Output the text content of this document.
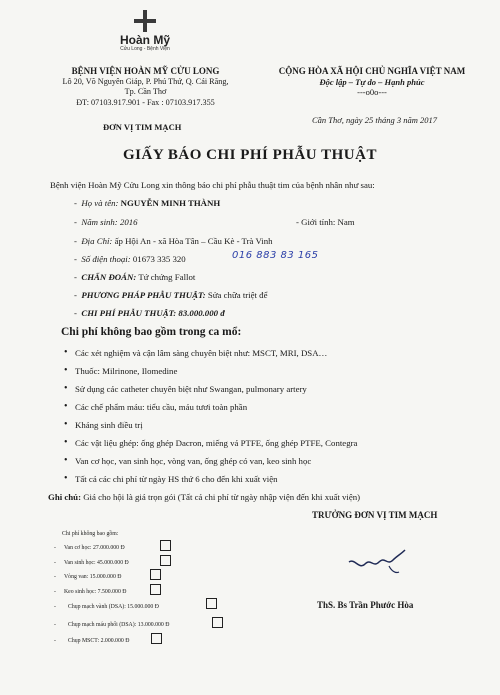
Hoàn Mỹ
Cửu Long - Bệnh Viện
BỆNH VIỆN HOÀN MỸ CỬU LONG
Lô 20, Võ Nguyên Giáp, P. Phú Thứ, Q. Cái Răng,
Tp. Cần Thơ
ĐT: 07103.917.901 - Fax : 07103.917.355
ĐƠN VỊ TIM MẠCH
CỘNG HÒA XÃ HỘI CHỦ NGHĨA VIỆT NAM
Độc lập – Tự do – Hạnh phúc
---o0o---
Cần Thơ, ngày 25 tháng 3 năm 2017
GIẤY BÁO CHI PHÍ PHẪU THUẬT
Bệnh viện Hoàn Mỹ Cửu Long xin thông báo chi phí phẫu thuật tim của bệnh nhân như sau:
-  Họ và tên: NGUYỄN MINH THÀNH
-  Năm sinh: 2016	- Giới tính: Nam
-  Địa Chỉ: ấp Hội An - xã Hòa Tân – Cầu Kè - Trà Vinh
-  Số điện thoại: 01673 335 320	016 883 83 165
-  CHẨN ĐOÁN: Tứ chứng Fallot
-  PHƯƠNG PHÁP PHẪU THUẬT: Sửa chữa triệt để
-  CHI PHÍ PHẪU THUẬT: 83.000.000 đ
Chi phí không bao gồm trong ca mổ:
• Các xét nghiệm và cận lâm sàng chuyên biệt như: MSCT, MRI, DSA…
• Thuốc: Milrinone, Ilomedine
• Sử dụng các catheter chuyên biệt như Swangan, pulmonary artery
• Các chế phẩm máu: tiểu cầu, máu tươi toàn phần
• Kháng sinh điều trị
• Các vật liệu ghép: ống ghép Dacron, miếng vá PTFE, ống ghép PTFE, Contegra
• Van cơ học, van sinh học, vòng van, ống ghép có van, keo sinh học
• Tất cả các chi phí từ ngày HS thứ 6 cho đến khi xuất viện
Ghi chú: Giá cho hội là giá trọn gói (Tất cả chi phí từ ngày nhập viện đến khi xuất viện)
TRƯỞNG ĐƠN VỊ TIM MẠCH
ThS. Bs Trần Phước Hòa
Chi phí không bao gồm:
- Van cơ học: 27.000.000 Đ
- Van sinh học: 45.000.000 Đ
- Vòng van: 15.000.000 Đ
- Keo sinh học: 7.500.000 Đ
- Chụp mạch vành (DSA): 15.000.000 Đ
- Chụp mạch máu phổi (DSA): 13.000.000 Đ
- Chụp MSCT: 2.000.000 Đ
